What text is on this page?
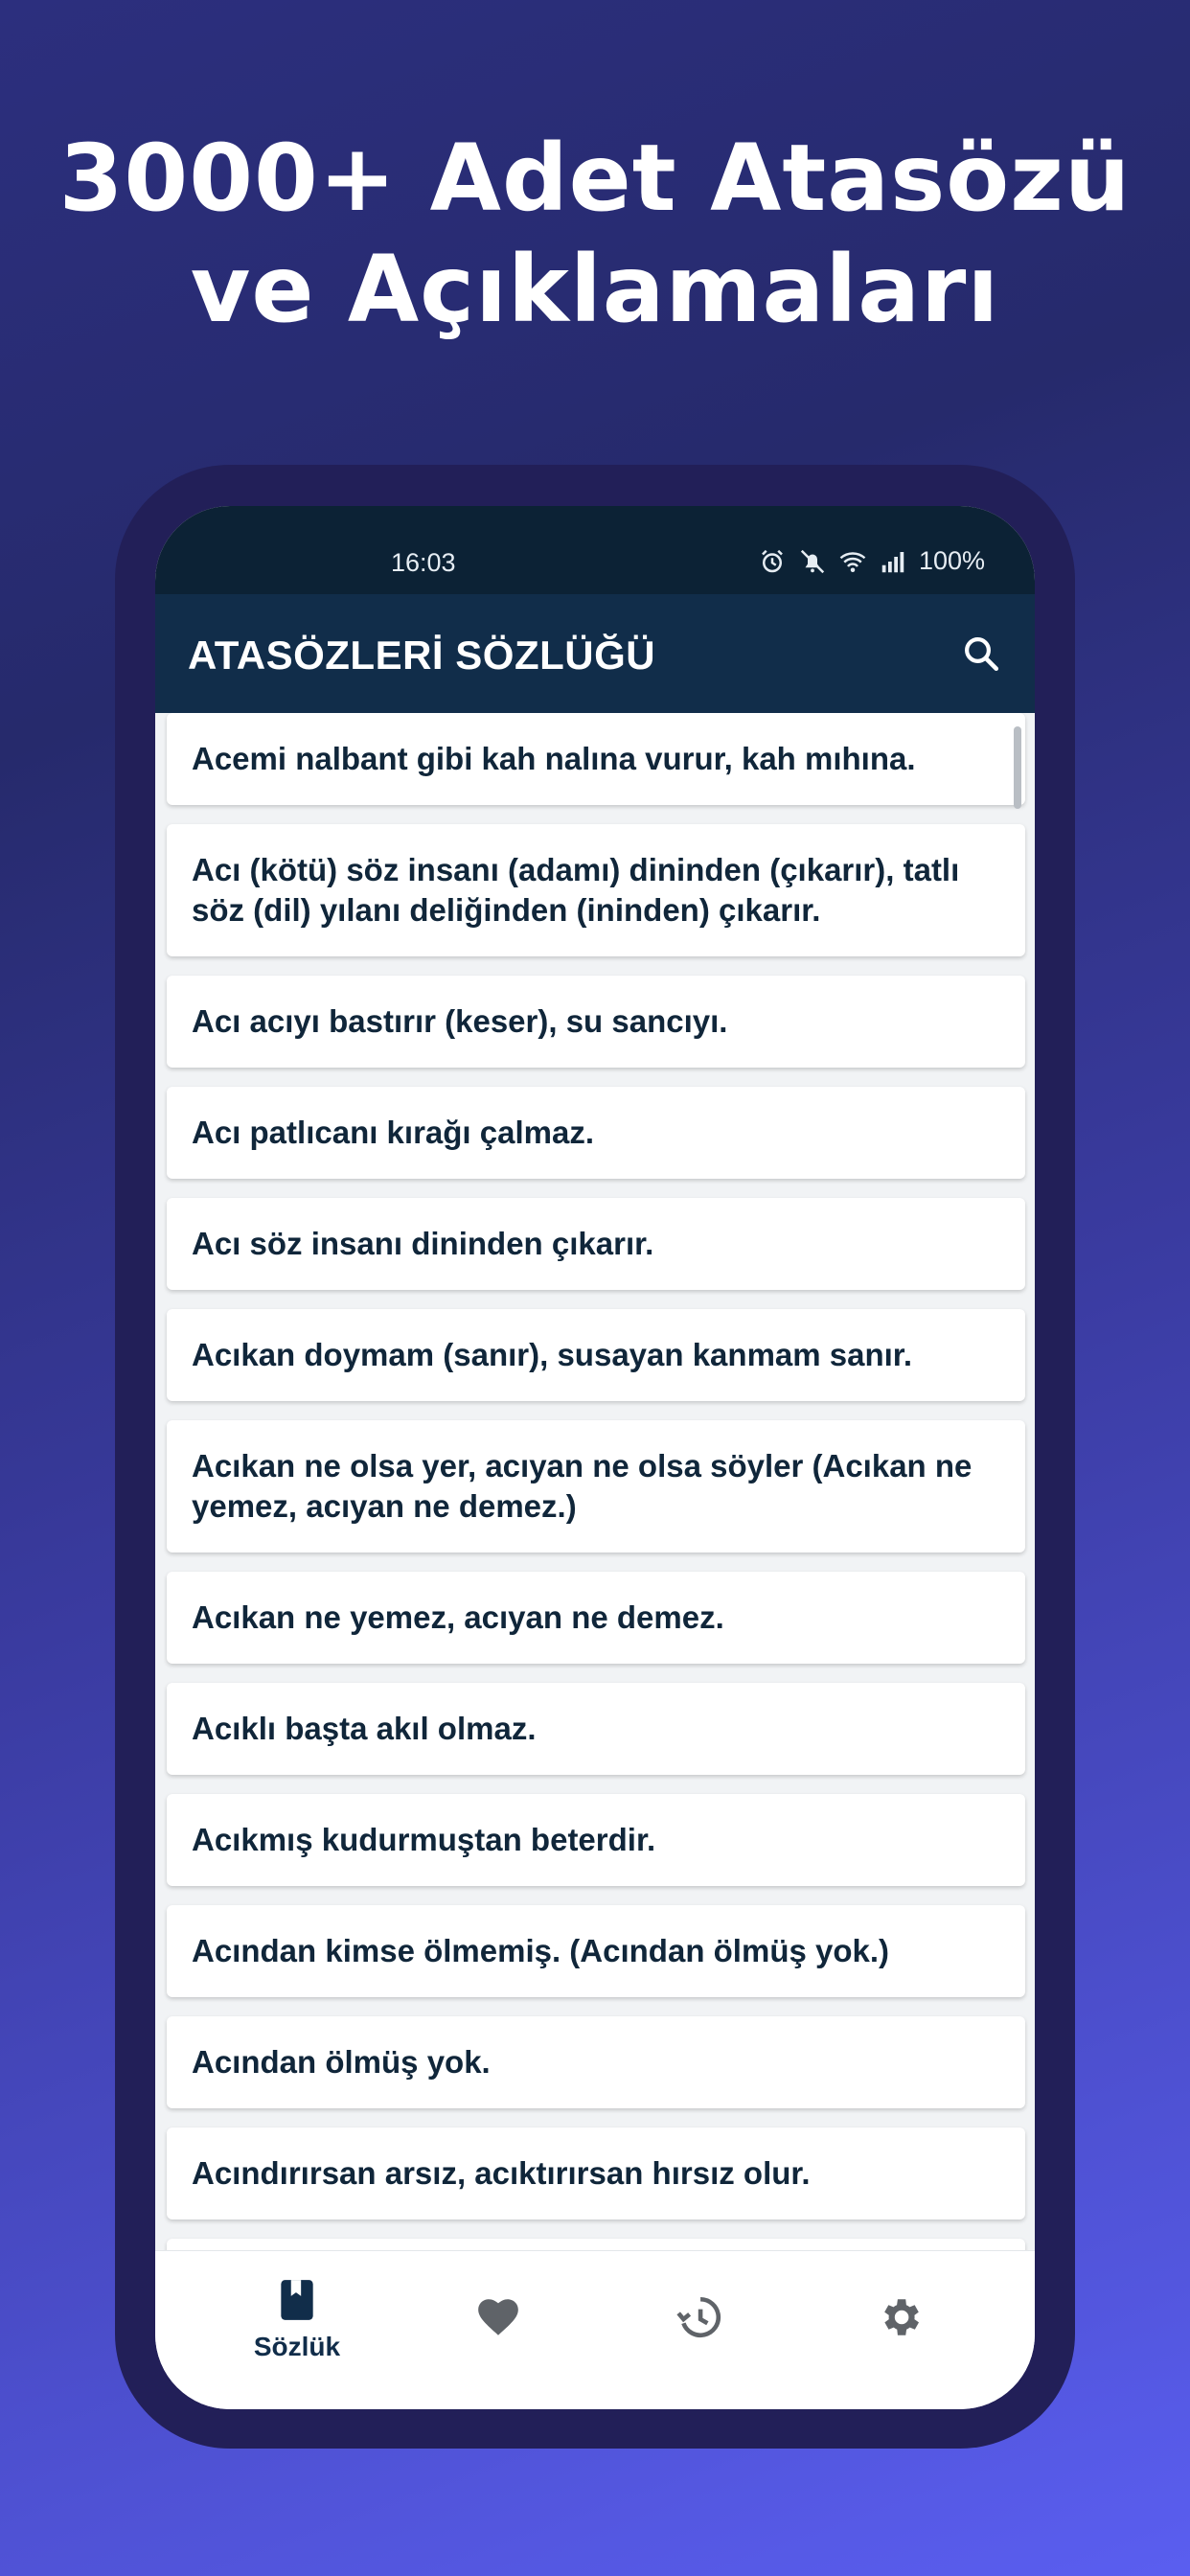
3000+ Adet Atasözü
ve Açıklamaları
16:03	100%
ATASÖZLERİ SÖZLÜĞÜ
Acemi nalbant gibi kah nalına vurur, kah mıhına.
Acı (kötü) söz insanı (adamı) dininden (çıkarır), tatlı söz (dil) yılanı deliğinden (ininden) çıkarır.
Acı acıyı bastırır (keser), su sancıyı.
Acı patlıcanı kırağı çalmaz.
Acı söz insanı dininden çıkarır.
Acıkan doymam (sanır), susayan kanmam sanır.
Acıkan ne olsa yer, acıyan ne olsa söyler (Acıkan ne yemez, acıyan ne demez.)
Acıkan ne yemez, acıyan ne demez.
Acıklı başta akıl olmaz.
Acıkmış kudurmuştan beterdir.
Acından kimse ölmemiş. (Acından ölmüş yok.)
Acından ölmüş yok.
Acındırırsan arsız, acıktırırsan hırsız olur.
Sözlük
